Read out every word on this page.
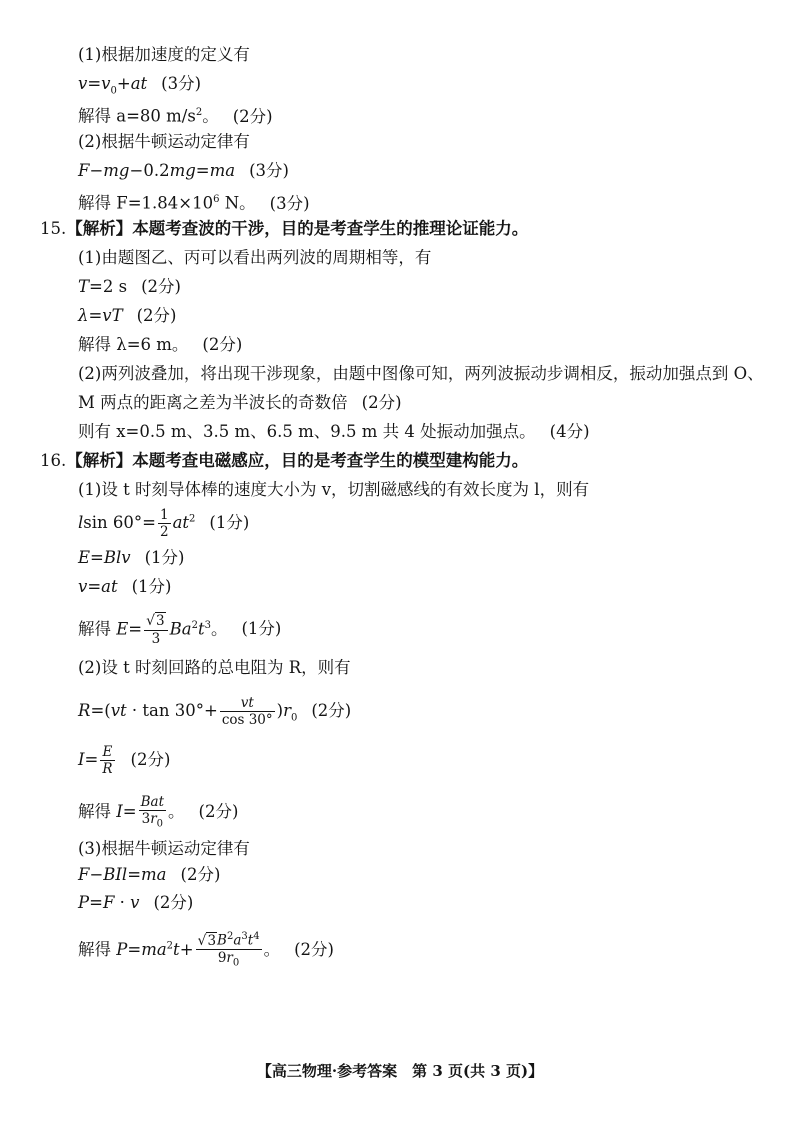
(1)根据加速度的定义有
$v=v_0+at$ (3分)
解得 a=80 $m/s^2$。 (2分)
(2)根据牛顿运动定律有
F−mg−0.2mg=ma (3分)
解得 $F=1.84\times 10^6$ N。 (3分)
15.【解析】本题考查波的干涉，目的是考查学生的推理论证能力。
(1)由题图乙、丙可以看出两列波的周期相等，有
T=2 s (2分)
λ=vT (2分)
解得 λ=6 m。 (2分)
(2)两列波叠加，将出现干涉现象，由题中图像可知，两列波振动步调相反，振动加强点到 O、
M 两点的距离之差为半波长的奇数倍 (2分)
则有 x=0.5 m、3.5 m、6.5 m、9.5 m 共 4 处振动加强点。 (4分)
16.【解析】本题考查电磁感应，目的是考查学生的模型建构能力。
(1)设 t 时刻导体棒的速度大小为 v，切割磁感线的有效长度为 l，则有
lsin $60^\circ= \frac{1}{2} at^2$ (1分)
E=Blv (1分)
v=at (1分)
解得 $E= \frac{√3}{3} Ba^2t^3$。 (1分)
(2)设 t 时刻回路的总电阻为 R，则有
$R=(vt \cdot \tan 30^\circ+ \frac{vt}{\cos 30^\circ} )r_0$ (2分)
$I= \frac{E}{R} (2$分)
解得 $I= \frac{\text{Bat}}{3r_0}$ 。 (2分)
(3)根据牛顿运动定律有
F−BIl=ma (2分)
P=F · v (2分)
解得 $P=ma^2t+ \frac{√3B^2a^3t^4}{9r_0}$ 。 (2分)
【高三物理·参考答案　第 3 页(共 3 页)】
